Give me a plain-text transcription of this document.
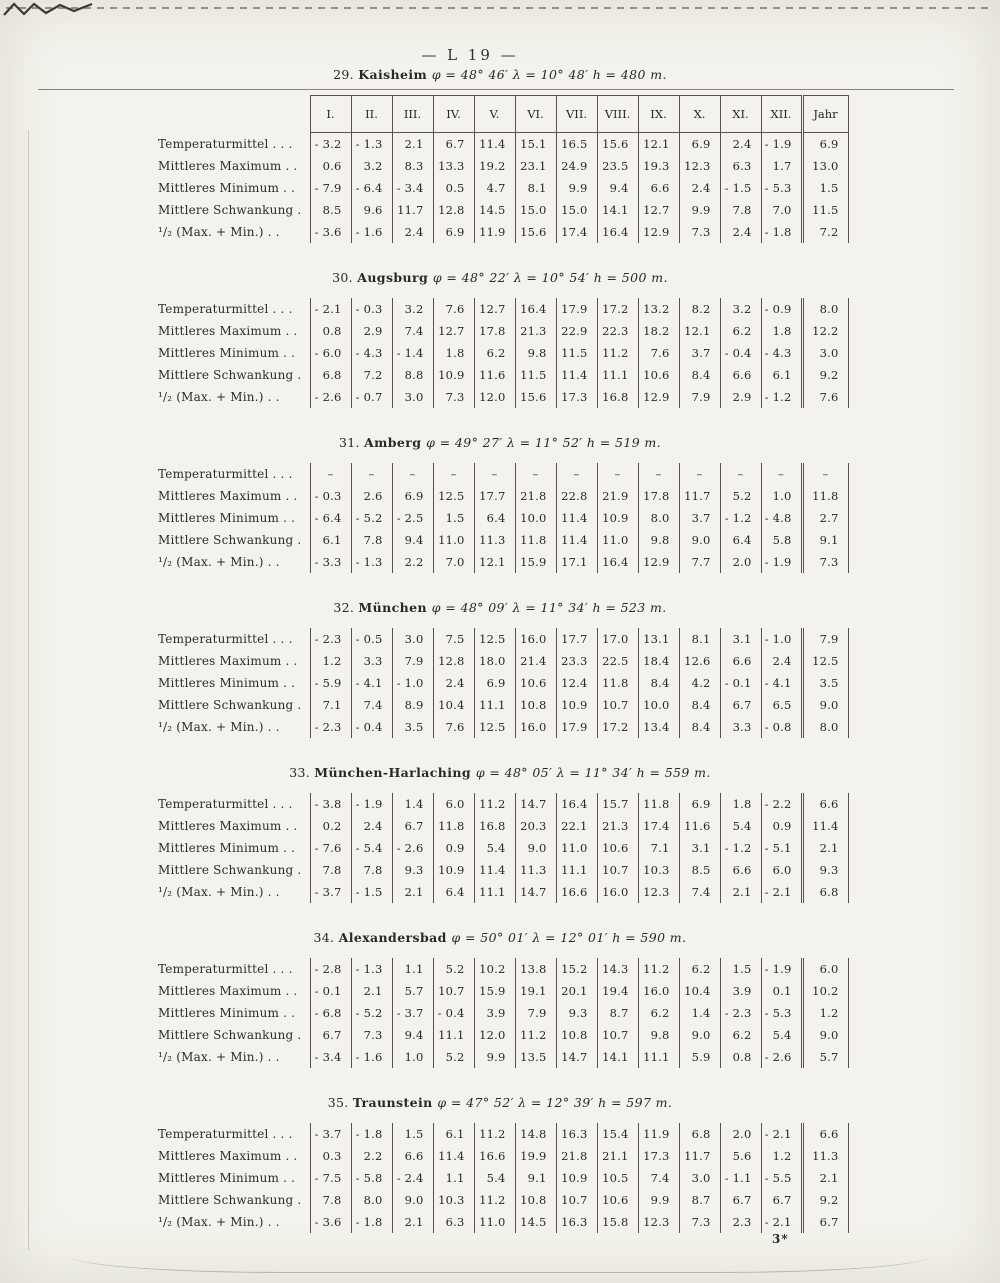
— L 19 —
29. Kaisheim φ = 48° 46′ λ = 10° 48′ h = 480 m.
	I.	II.	III.	IV.	V.	VI.	VII.	VIII.	IX.	X.	XI.	XII.	Jahr
Temperaturmittel . . .	- 3.2	- 1.3	2.1	6.7	11.4	15.1	16.5	15.6	12.1	6.9	2.4	- 1.9	6.9
Mittleres Maximum . .	0.6	3.2	8.3	13.3	19.2	23.1	24.9	23.5	19.3	12.3	6.3	1.7	13.0
Mittleres Minimum . .	- 7.9	- 6.4	- 3.4	0.5	4.7	8.1	9.9	9.4	6.6	2.4	- 1.5	- 5.3	1.5
Mittlere Schwankung .	8.5	9.6	11.7	12.8	14.5	15.0	15.0	14.1	12.7	9.9	7.8	7.0	11.5
¹/₂ (Max. + Min.) . .	- 3.6	- 1.6	2.4	6.9	11.9	15.6	17.4	16.4	12.9	7.3	2.4	- 1.8	7.2
30. Augsburg φ = 48° 22′ λ = 10° 54′ h = 500 m.
Temperaturmittel . . .	- 2.1	- 0.3	3.2	7.6	12.7	16.4	17.9	17.2	13.2	8.2	3.2	- 0.9	8.0
Mittleres Maximum . .	0.8	2.9	7.4	12.7	17.8	21.3	22.9	22.3	18.2	12.1	6.2	1.8	12.2
Mittleres Minimum . .	- 6.0	- 4.3	- 1.4	1.8	6.2	9.8	11.5	11.2	7.6	3.7	- 0.4	- 4.3	3.0
Mittlere Schwankung .	6.8	7.2	8.8	10.9	11.6	11.5	11.4	11.1	10.6	8.4	6.6	6.1	9.2
¹/₂ (Max. + Min.) . .	- 2.6	- 0.7	3.0	7.3	12.0	15.6	17.3	16.8	12.9	7.9	2.9	- 1.2	7.6
31. Amberg φ = 49° 27′ λ = 11° 52′ h = 519 m.
Temperaturmittel . . .	–	–	–	–	–	–	–	–	–	–	–	–	–
Mittleres Maximum . .	- 0.3	2.6	6.9	12.5	17.7	21.8	22.8	21.9	17.8	11.7	5.2	1.0	11.8
Mittleres Minimum . .	- 6.4	- 5.2	- 2.5	1.5	6.4	10.0	11.4	10.9	8.0	3.7	- 1.2	- 4.8	2.7
Mittlere Schwankung .	6.1	7.8	9.4	11.0	11.3	11.8	11.4	11.0	9.8	9.0	6.4	5.8	9.1
¹/₂ (Max. + Min.) . .	- 3.3	- 1.3	2.2	7.0	12.1	15.9	17.1	16.4	12.9	7.7	2.0	- 1.9	7.3
32. München φ = 48° 09′ λ = 11° 34′ h = 523 m.
Temperaturmittel . . .	- 2.3	- 0.5	3.0	7.5	12.5	16.0	17.7	17.0	13.1	8.1	3.1	- 1.0	7.9
Mittleres Maximum . .	1.2	3.3	7.9	12.8	18.0	21.4	23.3	22.5	18.4	12.6	6.6	2.4	12.5
Mittleres Minimum . .	- 5.9	- 4.1	- 1.0	2.4	6.9	10.6	12.4	11.8	8.4	4.2	- 0.1	- 4.1	3.5
Mittlere Schwankung .	7.1	7.4	8.9	10.4	11.1	10.8	10.9	10.7	10.0	8.4	6.7	6.5	9.0
¹/₂ (Max. + Min.) . .	- 2.3	- 0.4	3.5	7.6	12.5	16.0	17.9	17.2	13.4	8.4	3.3	- 0.8	8.0
33. München-Harlaching φ = 48° 05′ λ = 11° 34′ h = 559 m.
Temperaturmittel . . .	- 3.8	- 1.9	1.4	6.0	11.2	14.7	16.4	15.7	11.8	6.9	1.8	- 2.2	6.6
Mittleres Maximum . .	0.2	2.4	6.7	11.8	16.8	20.3	22.1	21.3	17.4	11.6	5.4	0.9	11.4
Mittleres Minimum . .	- 7.6	- 5.4	- 2.6	0.9	5.4	9.0	11.0	10.6	7.1	3.1	- 1.2	- 5.1	2.1
Mittlere Schwankung .	7.8	7.8	9.3	10.9	11.4	11.3	11.1	10.7	10.3	8.5	6.6	6.0	9.3
¹/₂ (Max. + Min.) . .	- 3.7	- 1.5	2.1	6.4	11.1	14.7	16.6	16.0	12.3	7.4	2.1	- 2.1	6.8
34. Alexandersbad φ = 50° 01′ λ = 12° 01′ h = 590 m.
Temperaturmittel . . .	- 2.8	- 1.3	1.1	5.2	10.2	13.8	15.2	14.3	11.2	6.2	1.5	- 1.9	6.0
Mittleres Maximum . .	- 0.1	2.1	5.7	10.7	15.9	19.1	20.1	19.4	16.0	10.4	3.9	0.1	10.2
Mittleres Minimum . .	- 6.8	- 5.2	- 3.7	- 0.4	3.9	7.9	9.3	8.7	6.2	1.4	- 2.3	- 5.3	1.2
Mittlere Schwankung .	6.7	7.3	9.4	11.1	12.0	11.2	10.8	10.7	9.8	9.0	6.2	5.4	9.0
¹/₂ (Max. + Min.) . .	- 3.4	- 1.6	1.0	5.2	9.9	13.5	14.7	14.1	11.1	5.9	0.8	- 2.6	5.7
35. Traunstein φ = 47° 52′ λ = 12° 39′ h = 597 m.
Temperaturmittel . . .	- 3.7	- 1.8	1.5	6.1	11.2	14.8	16.3	15.4	11.9	6.8	2.0	- 2.1	6.6
Mittleres Maximum . .	0.3	2.2	6.6	11.4	16.6	19.9	21.8	21.1	17.3	11.7	5.6	1.2	11.3
Mittleres Minimum . .	- 7.5	- 5.8	- 2.4	1.1	5.4	9.1	10.9	10.5	7.4	3.0	- 1.1	- 5.5	2.1
Mittlere Schwankung .	7.8	8.0	9.0	10.3	11.2	10.8	10.7	10.6	9.9	8.7	6.7	6.7	9.2
¹/₂ (Max. + Min.) . .	- 3.6	- 1.8	2.1	6.3	11.0	14.5	16.3	15.8	12.3	7.3	2.3	- 2.1	6.7
3*
